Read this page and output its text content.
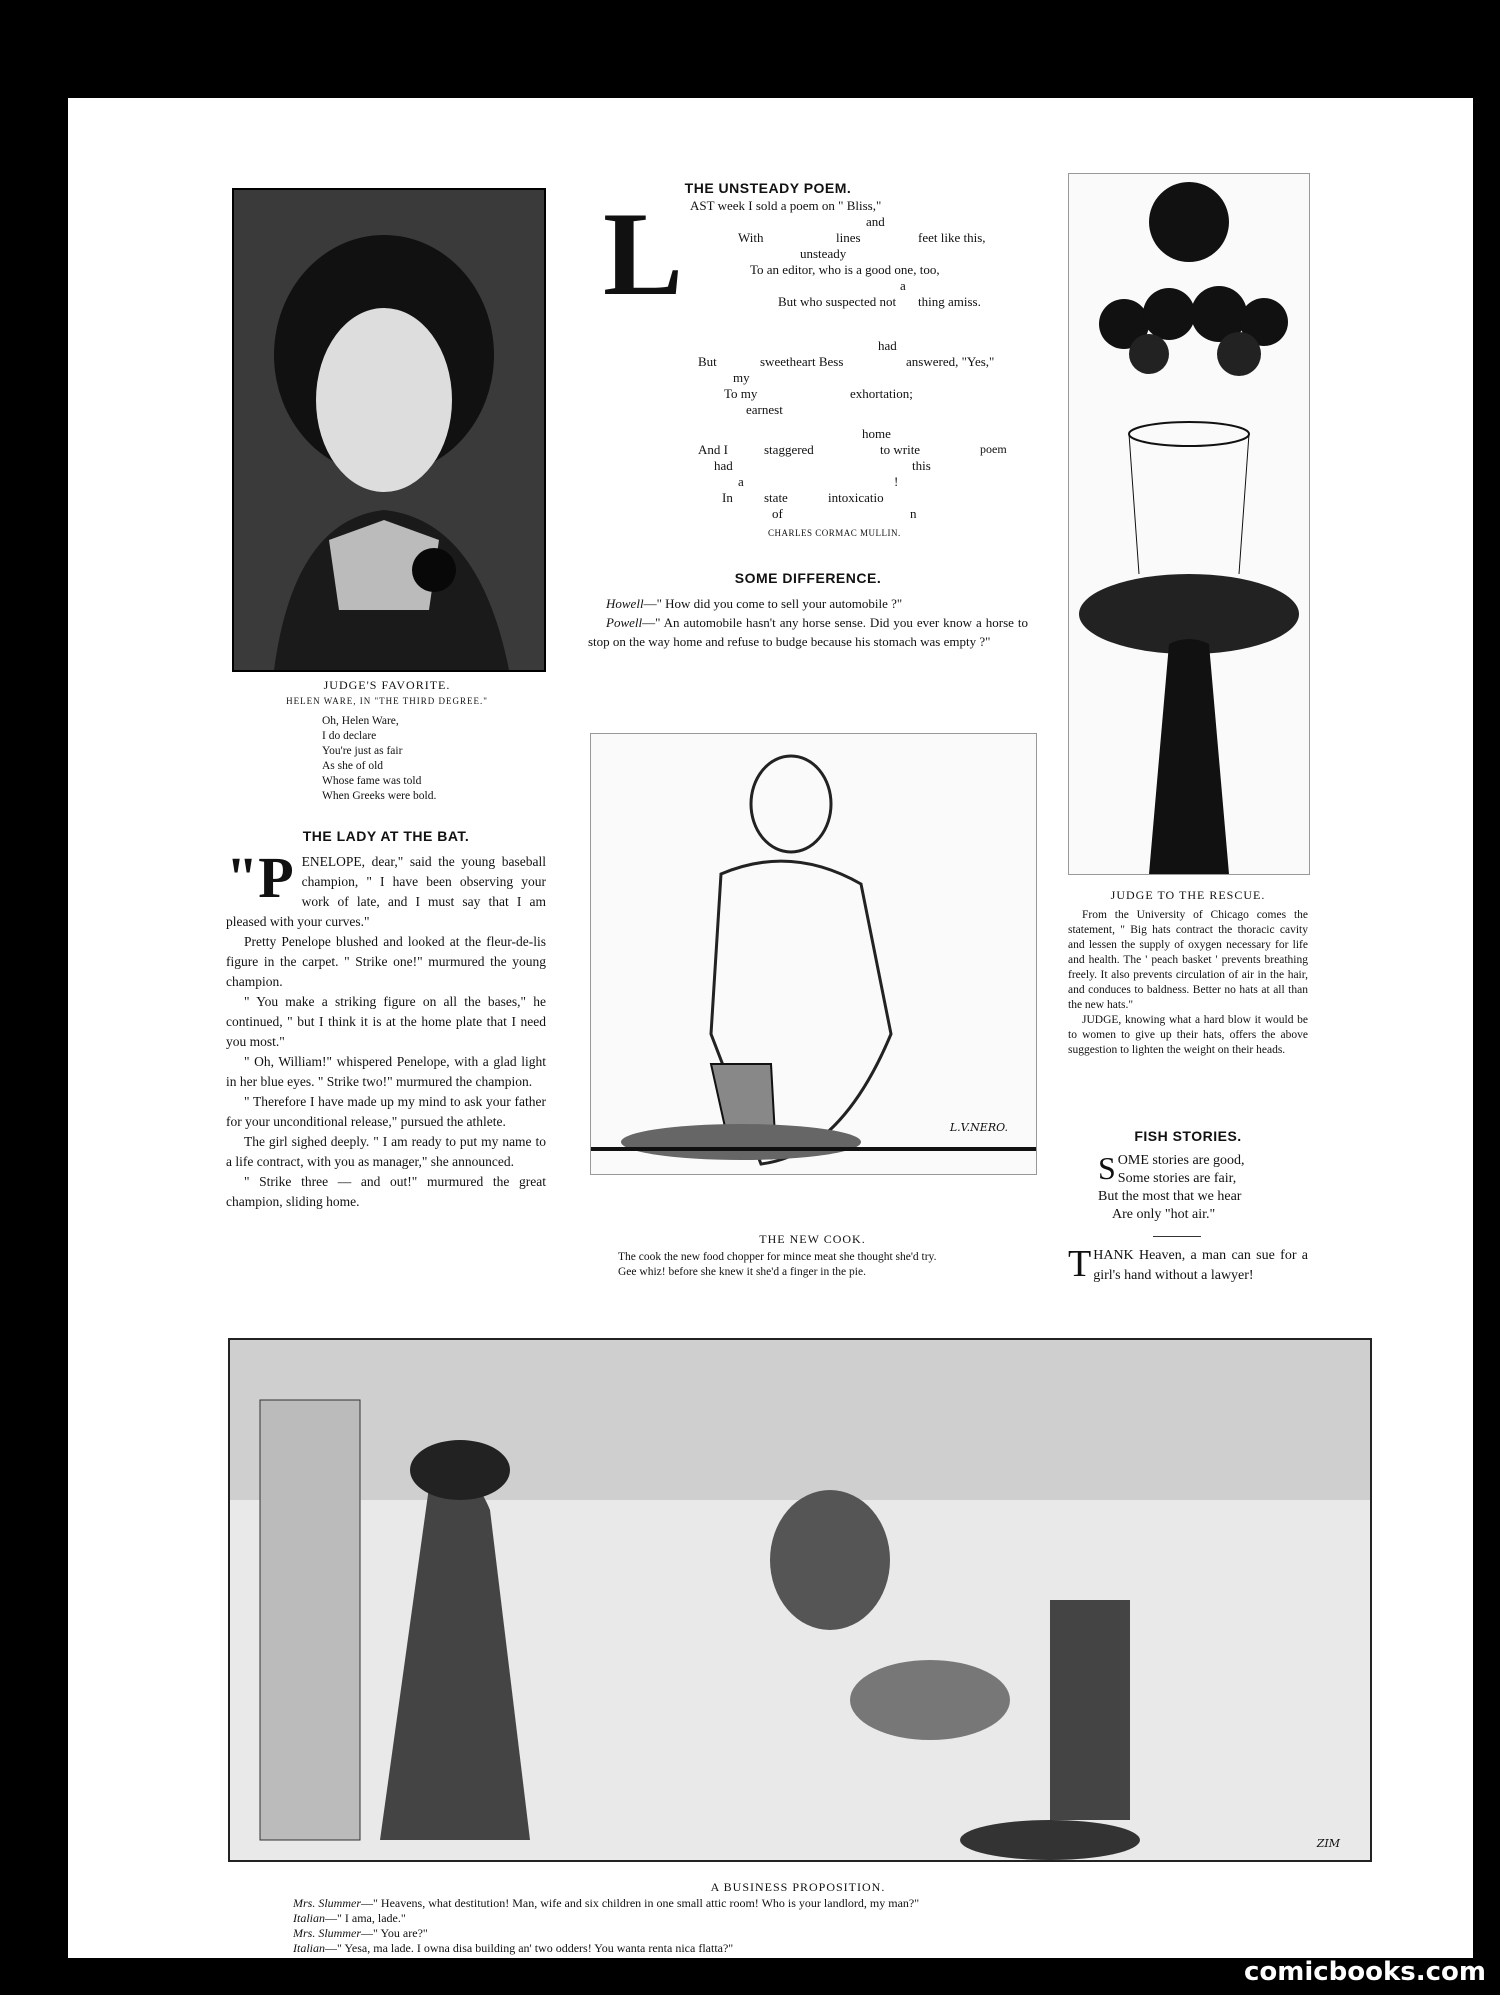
JUDGE'S FAVORITE.
HELEN WARE, IN "THE THIRD DEGREE."
Oh, Helen Ware,
I do declare
You're just as fair
As she of old
Whose fame was told
When Greeks were bold.
THE LADY AT THE BAT.
"P ENELOPE, dear," said the young baseball champion, " I have been observing your work of late, and I must say that I am pleased with your curves."

Pretty Penelope blushed and looked at the fleur-de-lis figure in the carpet. " Strike one!" murmured the young champion.

" You make a striking figure on all the bases," he continued, " but I think it is at the home plate that I need you most."

" Oh, William!" whispered Penelope, with a glad light in her blue eyes. " Strike two!" murmured the champion.

" Therefore I have made up my mind to ask your father for your unconditional release," pursued the athlete.

The girl sighed deeply. " I am ready to put my name to a life contract, with you as manager," she announced.

" Strike three — and out!" murmured the great champion, sliding home.

THE UNSTEADY POEM.
L AST week I sold a poem on " Bliss,"
and
With	lines	feet like this,
unsteady
To an editor, who is a good one, too,
a
But who suspected not thing amiss.
had
But	sweetheart Bess	answered, "Yes,"
my
To my	exhortation;
earnest
home
And I	staggered	to write	poem
had	this
a	!
In state	intoxicatio
of	n
CHARLES CORMAC MULLIN.
SOME DIFFERENCE.

Howell—" How did you come to sell your automobile ?"

Powell—" An automobile hasn't any horse sense. Did you ever know a horse to stop on the way home and refuse to budge because his stomach was empty ?"

L.V.NERO.
THE NEW COOK.
The cook the new food chopper for mince meat she thought she'd try.
Gee whiz! before she knew it she'd a finger in the pie.
JUDGE TO THE RESCUE.
From the University of Chicago comes the statement, " Big hats contract the thoracic cavity and lessen the supply of oxygen necessary for life and health. The ' peach basket ' prevents breathing freely. It also prevents circulation of air in the hair, and conduces to baldness. Better no hats at all than the new hats."
JUDGE, knowing what a hard blow it would be to women to give up their hats, offers the above suggestion to lighten the weight on their heads.
FISH STORIES.
S OME stories are good,
Some stories are fair,
But the most that we hear
Are only "hot air."
T HANK Heaven, a man can sue for a girl's hand without a lawyer!
ZIM
A BUSINESS PROPOSITION.
Mrs. Slummer—" Heavens, what destitution! Man, wife and six children in one small attic room! Who is your landlord, my man?"
Italian—" I ama, lade."
Mrs. Slummer—" You are?"
Italian—" Yesa, ma lade. I owna disa building an' two odders! You wanta renta nica flatta?"
comicbooks.com
